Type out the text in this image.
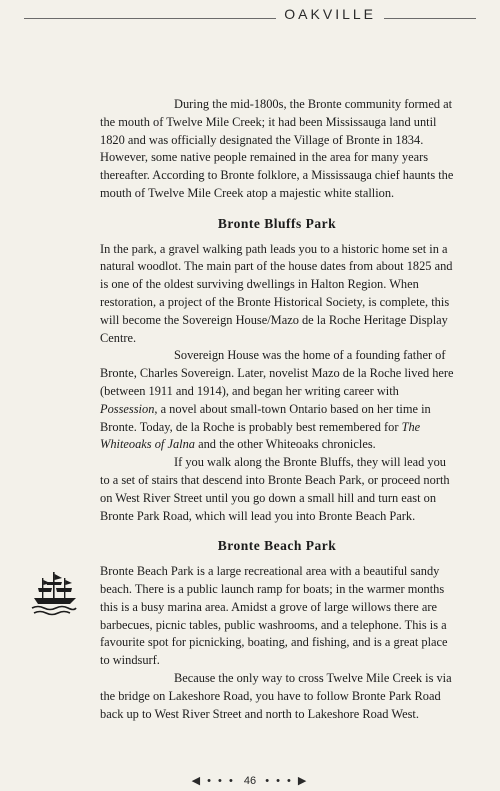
OAKVILLE

During the mid-1800s, the Bronte community formed at the mouth of Twelve Mile Creek; it had been Mississauga land until 1820 and was officially designated the Village of Bronte in 1834. However, some native people remained in the area for many years thereafter. According to Bronte folklore, a Mississauga chief haunts the mouth of Twelve Mile Creek atop a majestic white stallion.

Bronte Bluffs Park

In the park, a gravel walking path leads you to a historic home set in a natural woodlot. The main part of the house dates from about 1825 and is one of the oldest surviving dwellings in Halton Region. When restoration, a project of the Bronte Historical Society, is complete, this will become the Sovereign House/Mazo de la Roche Heritage Display Centre.

Sovereign House was the home of a founding father of Bronte, Charles Sovereign. Later, novelist Mazo de la Roche lived here (between 1911 and 1914), and began her writing career with Possession, a novel about small-town Ontario based on her time in Bronte. Today, de la Roche is probably best remembered for The Whiteoaks of Jalna and the other Whiteoaks chronicles.

If you walk along the Bronte Bluffs, they will lead you to a set of stairs that descend into Bronte Beach Park, or proceed north on West River Street until you go down a small hill and turn east on Bronte Park Road, which will lead you into Bronte Beach Park.

Bronte Beach Park

Bronte Beach Park is a large recreational area with a beautiful sandy beach. There is a public launch ramp for boats; in the warmer months this is a busy marina area. Amidst a grove of large willows there are barbecues, picnic tables, public washrooms, and a telephone. This is a favourite spot for picnicking, boating, and fishing, and is a great place to windsurf.

Because the only way to cross Twelve Mile Creek is via the bridge on Lakeshore Road, you have to follow Bronte Park Road back up to West River Street and north to Lakeshore Road West.

◀ • • • 46 • • • ▶
